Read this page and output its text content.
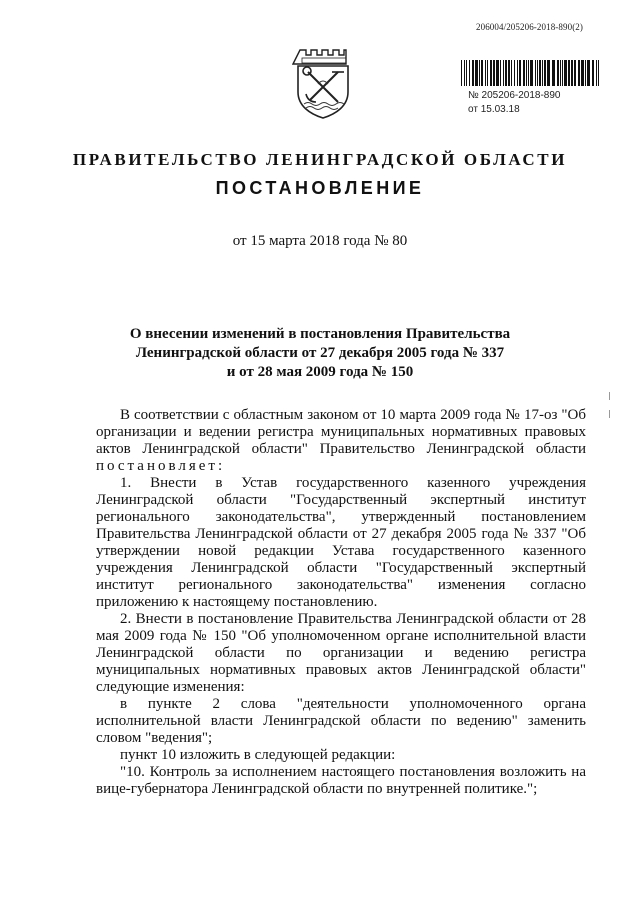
206004/205206-2018-890(2)
№ 205206-2018-890
от 15.03.18
ПРАВИТЕЛЬСТВО ЛЕНИНГРАДСКОЙ ОБЛАСТИ
ПОСТАНОВЛЕНИЕ
от 15 марта 2018 года № 80
О внесении изменений в постановления Правительства
Ленинградской области от 27 декабря 2005 года № 337
и от 28 мая 2009 года № 150

В соответствии с областным законом от 10 марта 2009 года № 17-оз "Об организации и ведении регистра муниципальных нормативных правовых актов Ленинградской области" Правительство Ленинградской области постановляет:

1. Внести в Устав государственного казенного учреждения Ленинградской области "Государственный экспертный институт регионального законодательства", утвержденный постановлением Правительства Ленинградской области от 27 декабря 2005 года № 337 "Об утверждении новой редакции Устава государственного казенного учреждения Ленинградской области "Государственный экспертный институт регионального законодательства" изменения согласно приложению к настоящему постановлению.

2. Внести в постановление Правительства Ленинградской области от 28 мая 2009 года № 150 "Об уполномоченном органе исполнительной власти Ленинградской области по организации и ведению регистра муниципальных нормативных правовых актов Ленинградской области" следующие изменения:

в пункте 2 слова "деятельности уполномоченного органа исполнительной власти Ленинградской области по ведению" заменить словом "ведения";

пункт 10 изложить в следующей редакции:

"10. Контроль за исполнением настоящего постановления возложить на вице-губернатора Ленинградской области по внутренней политике.";
